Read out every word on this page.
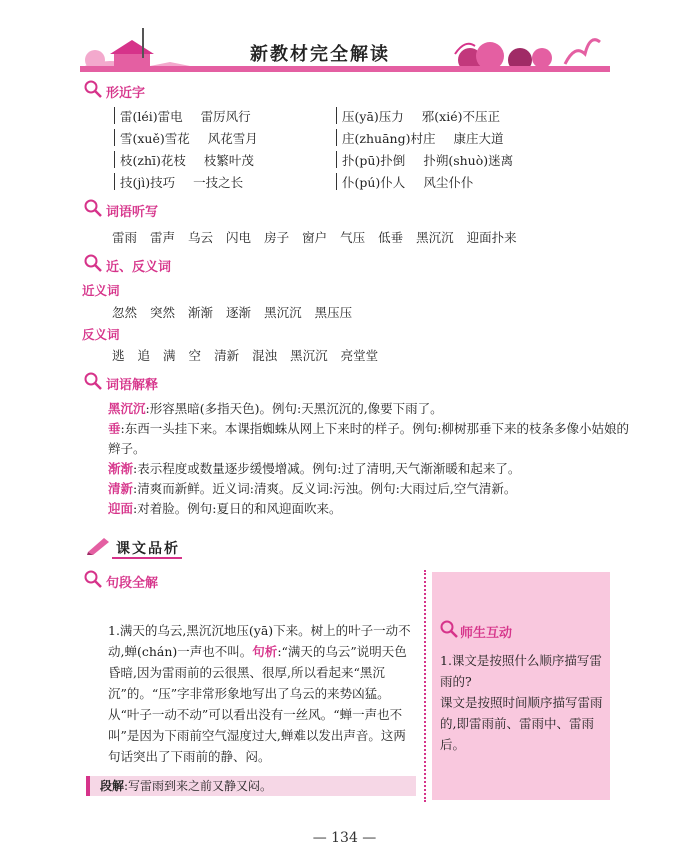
新教材完全解读
形近字
雷(léi)雷电 雷厉风行
雪(xuě)雪花 风花雪月
枝(zhī)花枝 枝繁叶茂
技(jì)技巧 一技之长
压(yā)压力 邪(xié)不压正
庄(zhuāng)村庄 康庄大道
扑(pū)扑倒 扑朔(shuò)迷离
仆(pú)仆人 风尘仆仆
词语听写
雷雨 雷声 乌云 闪电 房子 窗户 气压 低垂 黑沉沉 迎面扑来
近、反义词
近义词
忽然 突然 渐渐 逐渐 黑沉沉 黑压压
反义词
逃 追 满 空 清新 混浊 黑沉沉 亮堂堂
词语解释
黑沉沉:形容黑暗(多指天色)。例句:天黑沉沉的,像要下雨了。
垂:东西一头挂下来。本课指蜘蛛从网上下来时的样子。例句:柳树那垂下来的枝条多像小姑娘的辫子。
渐渐:表示程度或数量逐步缓慢增减。例句:过了清明,天气渐渐暖和起来了。
清新:清爽而新鲜。近义词:清爽。反义词:污浊。例句:大雨过后,空气清新。
迎面:对着脸。例句:夏日的和风迎面吹来。
课文品析
句段全解
1.满天的乌云,黑沉沉地压(yā)下来。树上的叶子一动不动,蝉(chán)一声也不叫。句析:“满天的乌云”说明天色昏暗,因为雷雨前的云很黑、很厚,所以看起来“黑沉沉”的。“压”字非常形象地写出了乌云的来势凶猛。从“叶子一动不动”可以看出没有一丝风。“蝉一声也不叫”是因为下雨前空气湿度过大,蝉难以发出声音。这两句话突出了下雨前的静、闷。
段解:写雷雨到来之前又静又闷。
师生互动
1.课文是按照什么顺序描写雷雨的?
课文是按照时间顺序描写雷雨的,即雷雨前、雷雨中、雷雨后。
— 134 —
